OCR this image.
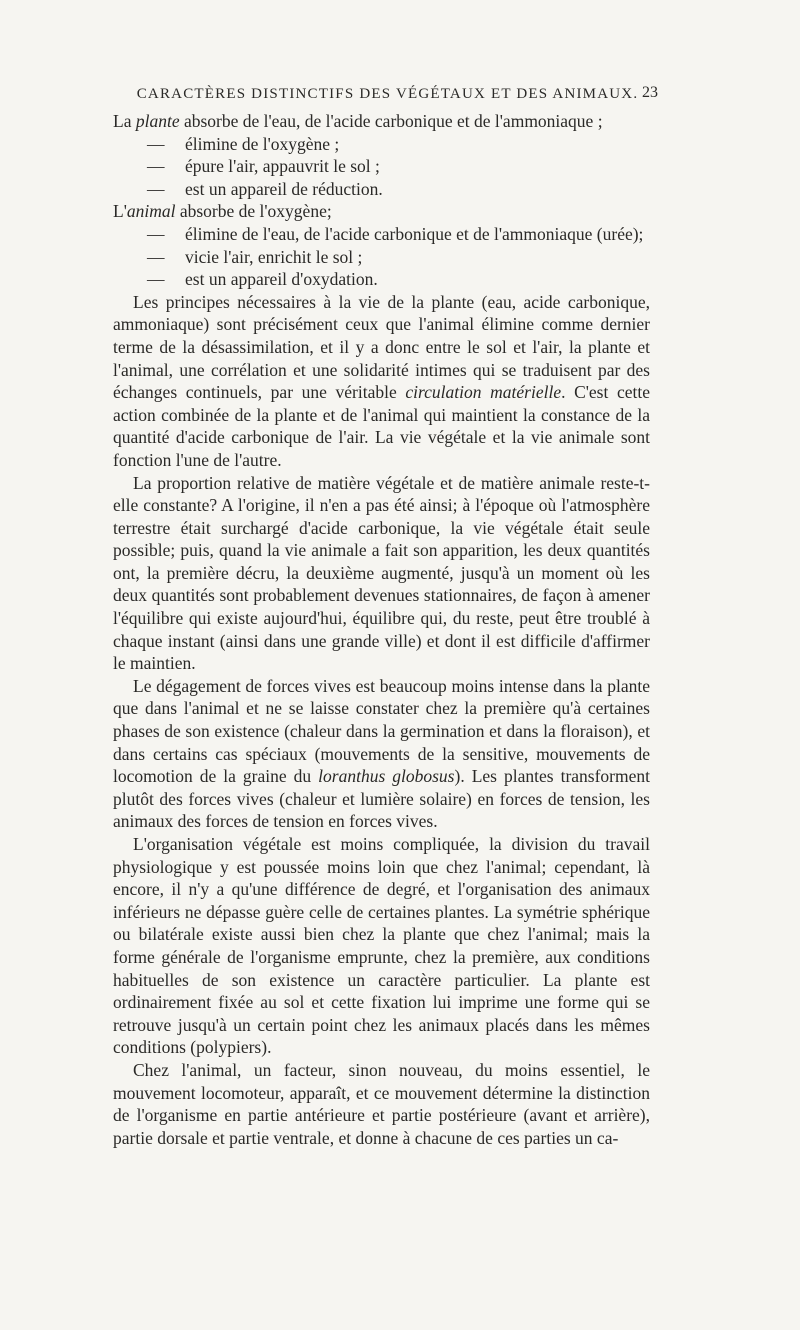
CARACTÈRES DISTINCTIFS DES VÉGÉTAUX ET DES ANIMAUX. 23

La plante absorbe de l'eau, de l'acide carbonique et de l'ammoniaque ;

— élimine de l'oxygène ;

— épure l'air, appauvrit le sol ;

— est un appareil de réduction.

L'animal absorbe de l'oxygène;

— élimine de l'eau, de l'acide carbonique et de l'ammoniaque (urée);

— vicie l'air, enrichit le sol ;

— est un appareil d'oxydation.

Les principes nécessaires à la vie de la plante (eau, acide carbonique, ammoniaque) sont précisément ceux que l'animal élimine comme dernier terme de la désassimilation, et il y a donc entre le sol et l'air, la plante et l'animal, une corrélation et une solidarité intimes qui se traduisent par des échanges continuels, par une véritable circulation matérielle. C'est cette action combinée de la plante et de l'animal qui maintient la constance de la quantité d'acide carbonique de l'air. La vie végétale et la vie animale sont fonction l'une de l'autre.

La proportion relative de matière végétale et de matière animale reste-t-elle constante? A l'origine, il n'en a pas été ainsi; à l'époque où l'atmosphère terrestre était surchargé d'acide carbonique, la vie végétale était seule possible; puis, quand la vie animale a fait son apparition, les deux quantités ont, la première décru, la deuxième augmenté, jusqu'à un moment où les deux quantités sont probablement devenues stationnaires, de façon à amener l'équilibre qui existe aujourd'hui, équilibre qui, du reste, peut être troublé à chaque instant (ainsi dans une grande ville) et dont il est difficile d'affirmer le maintien.

Le dégagement de forces vives est beaucoup moins intense dans la plante que dans l'animal et ne se laisse constater chez la première qu'à certaines phases de son existence (chaleur dans la germination et dans la floraison), et dans certains cas spéciaux (mouvements de la sensitive, mouvements de locomotion de la graine du loranthus globosus). Les plantes transforment plutôt des forces vives (chaleur et lumière solaire) en forces de tension, les animaux des forces de tension en forces vives.

L'organisation végétale est moins compliquée, la division du travail physiologique y est poussée moins loin que chez l'animal; cependant, là encore, il n'y a qu'une différence de degré, et l'organisation des animaux inférieurs ne dépasse guère celle de certaines plantes. La symétrie sphérique ou bilatérale existe aussi bien chez la plante que chez l'animal; mais la forme générale de l'organisme emprunte, chez la première, aux conditions habituelles de son existence un caractère particulier. La plante est ordinairement fixée au sol et cette fixation lui imprime une forme qui se retrouve jusqu'à un certain point chez les animaux placés dans les mêmes conditions (polypiers).

Chez l'animal, un facteur, sinon nouveau, du moins essentiel, le mouvement locomoteur, apparaît, et ce mouvement détermine la distinction de l'organisme en partie antérieure et partie postérieure (avant et arrière), partie dorsale et partie ventrale, et donne à chacune de ces parties un ca-
